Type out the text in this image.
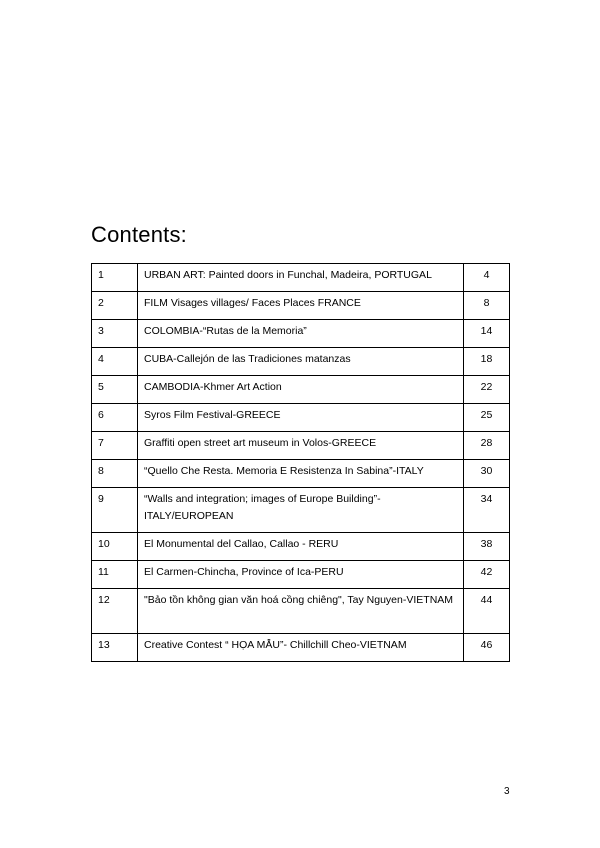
Contents:
1	URBAN ART: Painted doors in Funchal, Madeira, PORTUGAL	4
2	FILM Visages villages/ Faces Places FRANCE	8
3	COLOMBIA-“Rutas de la Memoria”	14
4	CUBA-Callejón de las Tradiciones matanzas	18
5	CAMBODIA-Khmer Art Action	22
6	Syros Film Festival-GREECE	25
7	Graffiti open street art museum in Volos-GREECE	28
8	“Quello Che Resta. Memoria E Resistenza In Sabina”-ITALY	30
9	“Walls and integration; images of Europe Building”-ITALY/EUROPEAN	34
10	El Monumental del Callao, Callao - RERU	38
11	El Carmen-Chincha, Province of Ica-PERU	42
12	"Bảo tồn không gian văn hoá cồng chiêng", Tay Nguyen-VIETNAM	44
13	Creative Contest “ HỌA MẪU”- Chillchill Cheo-VIETNAM	46
3
